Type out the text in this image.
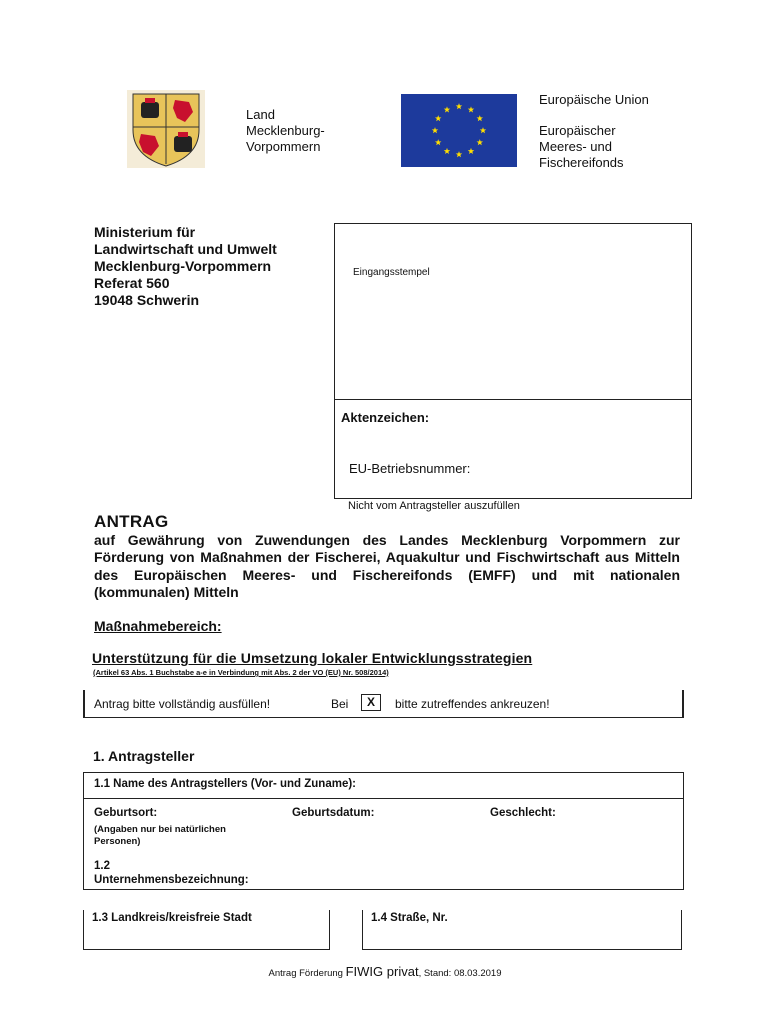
Land
Mecklenburg-
Vorpommern
Europäische Union
Europäischer
Meeres- und
Fischereifonds
Ministerium für
Landwirtschaft und Umwelt
Mecklenburg-Vorpommern
Referat 560
19048 Schwerin
Eingangsstempel
Aktenzeichen:
EU-Betriebsnummer:
Nicht vom Antragsteller auszufüllen
ANTRAG
auf Gewährung von Zuwendungen des Landes Mecklenburg Vorpommern zur Förderung von Maßnahmen der Fischerei, Aquakultur und Fischwirtschaft aus Mitteln des Europäischen Meeres- und Fischereifonds (EMFF) und mit nationalen (kommunalen) Mitteln
Maßnahmebereich:
Unterstützung für die Umsetzung lokaler Entwicklungsstrategien
(Artikel 63 Abs. 1 Buchstabe a-e in Verbindung mit Abs. 2 der VO (EU) Nr. 508/2014)
Antrag bitte vollständig ausfüllen!	Bei	X	bitte zutreffendes ankreuzen!
1. Antragsteller
1.1 Name des Antragstellers (Vor- und Zuname):
Geburtsort:	Geburtsdatum:	Geschlecht:
(Angaben nur bei natürlichen Personen)
1.2
Unternehmensbezeichnung:
1.3 Landkreis/kreisfreie Stadt	1.4 Straße, Nr.
Antrag Förderung FIWIG privat, Stand: 08.03.2019
